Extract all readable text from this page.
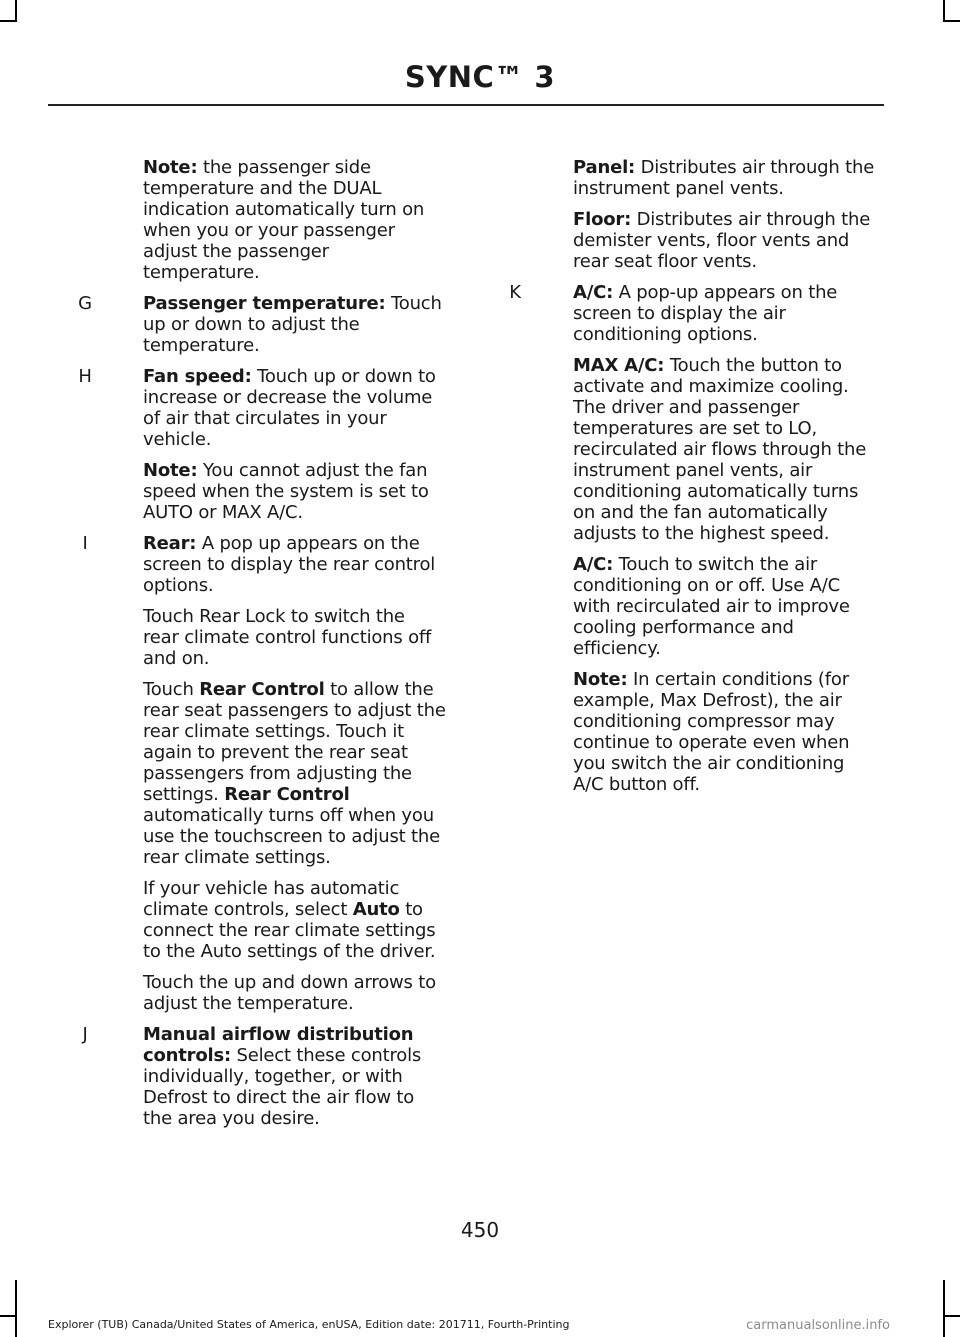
SYNC™ 3

Note: the passenger side temperature and the DUAL indication automatically turn on when you or your passenger adjust the passenger temperature.

G	Passenger temperature: Touch up or down to adjust the temperature.

H	Fan speed: Touch up or down to increase or decrease the volume of air that circulates in your vehicle.

Note: You cannot adjust the fan speed when the system is set to AUTO or MAX A/C.

I	Rear: A pop up appears on the screen to display the rear control options.

Touch Rear Lock to switch the rear climate control functions off and on.

Touch Rear Control to allow the rear seat passengers to adjust the rear climate settings. Touch it again to prevent the rear seat passengers from adjusting the settings. Rear Control automatically turns off when you use the touchscreen to adjust the rear climate settings.

If your vehicle has automatic climate controls, select Auto to connect the rear climate settings to the Auto settings of the driver.

Touch the up and down arrows to adjust the temperature.

J	Manual airflow distribution controls: Select these controls individually, together, or with Defrost to direct the air flow to the area you desire.

Panel: Distributes air through the instrument panel vents.

Floor: Distributes air through the demister vents, floor vents and rear seat floor vents.

K	A/C: A pop-up appears on the screen to display the air conditioning options.

MAX A/C: Touch the button to activate and maximize cooling. The driver and passenger temperatures are set to LO, recirculated air flows through the instrument panel vents, air conditioning automatically turns on and the fan automatically adjusts to the highest speed.

A/C: Touch to switch the air conditioning on or off. Use A/C with recirculated air to improve cooling performance and efficiency.

Note: In certain conditions (for example, Max Defrost), the air conditioning compressor may continue to operate even when you switch the air conditioning A/C button off.

450
Explorer (TUB) Canada/United States of America, enUSA, Edition date: 201711, Fourth-Printing	carmanualsonline.info
